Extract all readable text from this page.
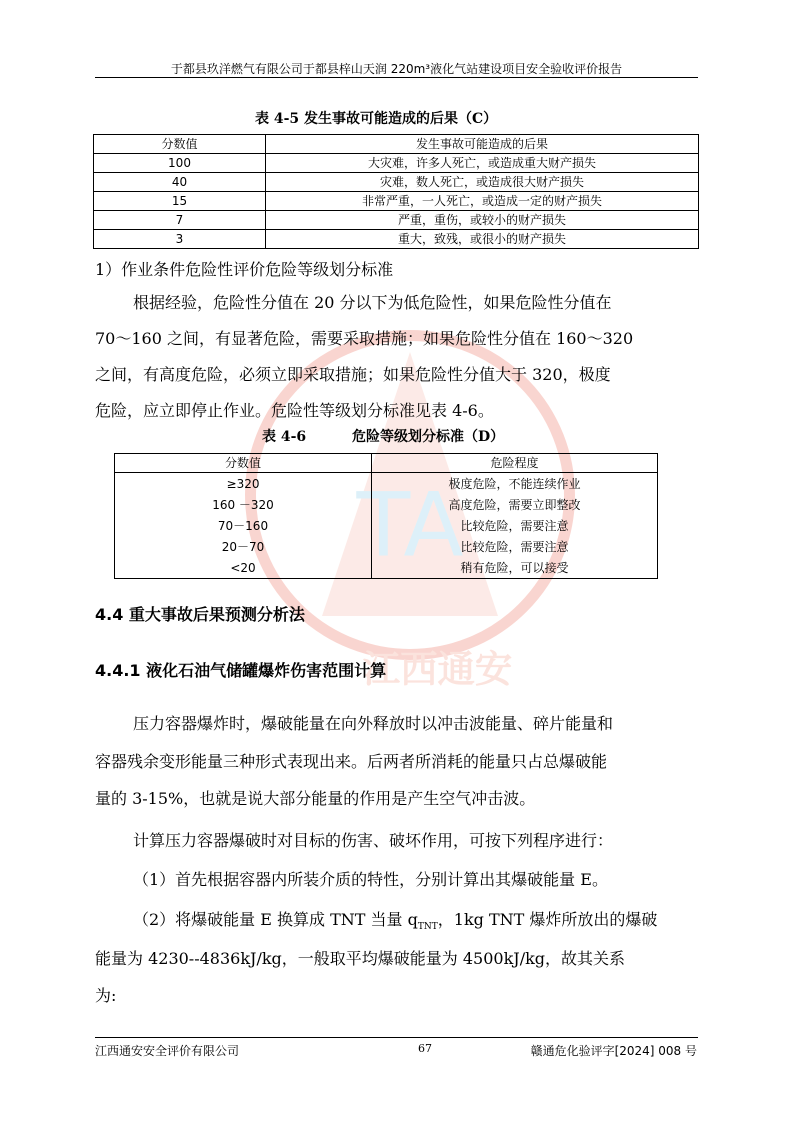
于都县玖洋燃气有限公司于都县梓山天润 220m³液化气站建设项目安全验收评价报告
TA
江西通安
表 4-5 发生事故可能造成的后果（C）
分数值	发生事故可能造成的后果
100	大灾难，许多人死亡，或造成重大财产损失
40	灾难，数人死亡，或造成很大财产损失
15	非常严重，一人死亡，或造成一定的财产损失
7	严重，重伤，或较小的财产损失
3	重大，致残，或很小的财产损失
1）作业条件危险性评价危险等级划分标准
根据经验，危险性分值在 20 分以下为低危险性，如果危险性分值在
70～160 之间，有显著危险，需要采取措施；如果危险性分值在 160～320
之间，有高度危险，必须立即采取措施；如果危险性分值大于 320，极度
危险，应立即停止作业。危险性等级划分标准见表 4-6。
表 4-6	危险等级划分标准（D）
分数值	危险程度
≥320	极度危险，不能连续作业
160 －320	高度危险，需要立即整改
70－160	比较危险，需要注意
20－70	比较危险，需要注意
<20	稍有危险，可以接受
4.4 重大事故后果预测分析法
4.4.1 液化石油气储罐爆炸伤害范围计算
压力容器爆炸时，爆破能量在向外释放时以冲击波能量、碎片能量和
容器残余变形能量三种形式表现出来。后两者所消耗的能量只占总爆破能
量的 3-15%，也就是说大部分能量的作用是产生空气冲击波。
计算压力容器爆破时对目标的伤害、破坏作用，可按下列程序进行：
（1）首先根据容器内所装介质的特性，分别计算出其爆破能量 E。
（2）将爆破能量 E 换算成 TNT 当量 $q_{TNT}$，1kg TNT 爆炸所放出的爆破
能量为 4230--4836kJ/kg，一般取平均爆破能量为 4500kJ/kg，故其关系
为:
江西通安安全评价有限公司	67	赣通危化验评字[2024] 008 号
